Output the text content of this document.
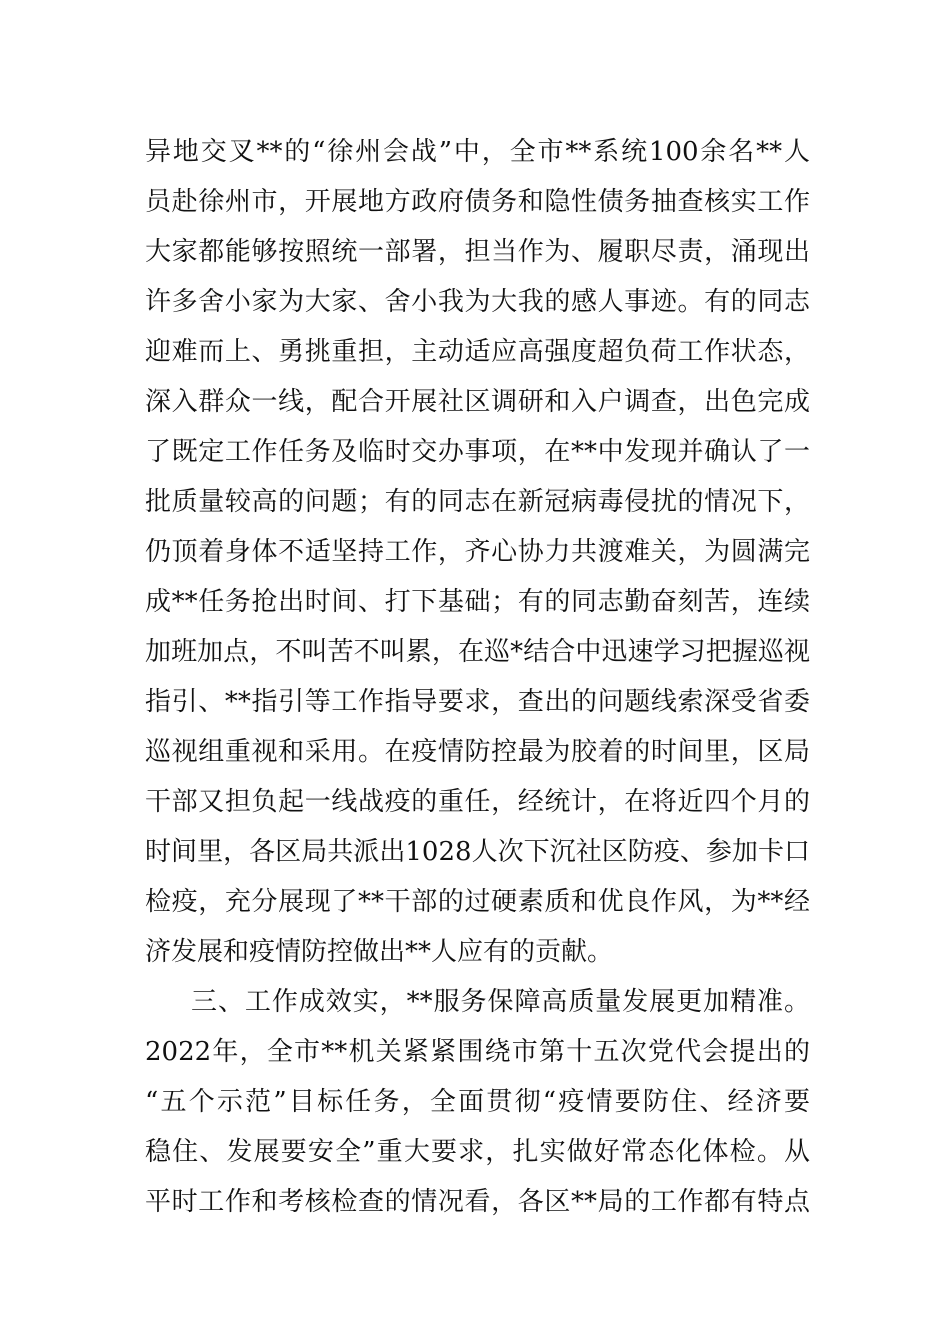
异地交叉**的“徐州会战”中，全市**系统100余名**人
员赴徐州市，开展地方政府债务和隐性债务抽查核实工作
大家都能够按照统一部署，担当作为、履职尽责，涌现出
许多舍小家为大家、舍小我为大我的感人事迹。有的同志
迎难而上、勇挑重担，主动适应高强度超负荷工作状态，
深入群众一线，配合开展社区调研和入户调查，出色完成
了既定工作任务及临时交办事项，在**中发现并确认了一
批质量较高的问题；有的同志在新冠病毒侵扰的情况下，
仍顶着身体不适坚持工作，齐心协力共渡难关，为圆满完
成**任务抢出时间、打下基础；有的同志勤奋刻苦，连续
加班加点，不叫苦不叫累，在巡*结合中迅速学习把握巡视
指引、**指引等工作指导要求，查出的问题线索深受省委
巡视组重视和采用。在疫情防控最为胶着的时间里，区局
干部又担负起一线战疫的重任，经统计，在将近四个月的
时间里，各区局共派出1028人次下沉社区防疫、参加卡口
检疫，充分展现了**干部的过硬素质和优良作风，为**经
济发展和疫情防控做出**人应有的贡献。
三、工作成效实，**服务保障高质量发展更加精准。
2022年，全市**机关紧紧围绕市第十五次党代会提出的
“五个示范”目标任务，全面贯彻“疫情要防住、经济要
稳住、发展要安全”重大要求，扎实做好常态化体检。从
平时工作和考核检查的情况看，各区**局的工作都有特点
